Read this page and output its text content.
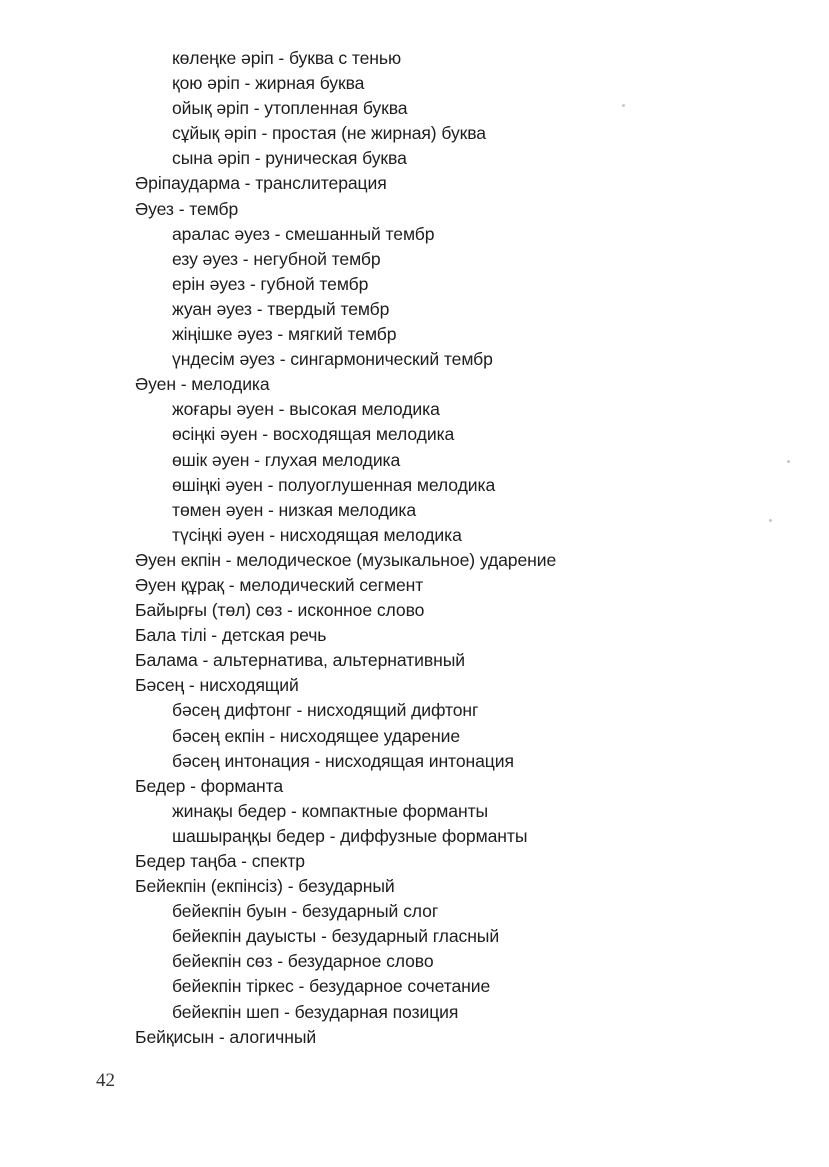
көлеңке әріп - буква с тенью
қою әріп - жирная буква
ойық әріп - утопленная буква
сұйық әріп - простая (не жирная) буква
сына әріп - руническая буква
Әріпаударма - транслитерация
Әуез - тембр
аралас әуез - смешанный тембр
езу әуез - негубной тембр
ерін әуез - губной тембр
жуан әуез - твердый тембр
жіңішке әуез - мягкий тембр
үндесім әуез - сингармонический тембр
Әуен - мелодика
жоғары әуен - высокая мелодика
өсіңкі әуен - восходящая мелодика
өшік әуен - глухая мелодика
өшіңкі әуен - полуоглушенная мелодика
төмен әуен - низкая мелодика
түсіңкі әуен - нисходящая мелодика
Әуен екпін - мелодическое (музыкальное) ударение
Әуен құрақ - мелодический сегмент
Байырғы (төл) сөз - исконное слово
Бала тілі - детская речь
Балама - альтернатива, альтернативный
Бәсең - нисходящий
бәсең дифтонг - нисходящий дифтонг
бәсең екпін - нисходящее ударение
бәсең интонация - нисходящая интонация
Бедер - форманта
жинақы бедер - компактные форманты
шашыраңқы бедер - диффузные форманты
Бедер таңба - спектр
Бейекпін (екпінсіз) - безударный
бейекпін буын - безударный слог
бейекпін дауысты - безударный гласный
бейекпін сөз - безударное слово
бейекпін тіркес - безударное сочетание
бейекпін шеп - безударная позиция
Бейқисын - алогичный
42
